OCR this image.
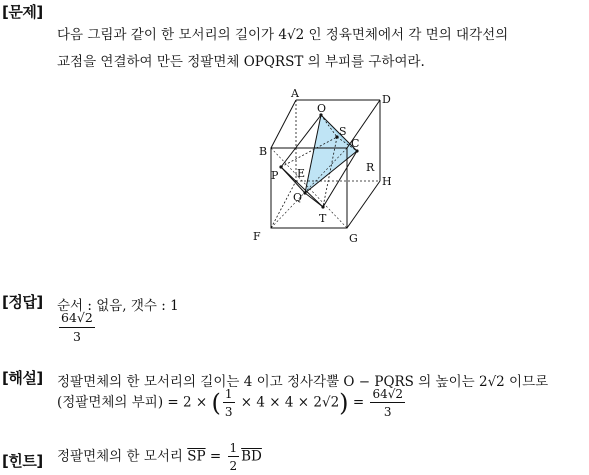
[문제]
다음 그림과 같이 한 모서리의 길이가 4√2 인 정육면체에서 각 면의 대각선의
교점을 연결하여 만든 정팔면체 OPQRST 의 부피를 구하여라.
A	D
O
S
B
C
P E	R
H
Q
T
F	G
[정답] 순서 : 없음, 갯수 : 1
$\frac{64√2}{3}$
[해설] 정팔면체의 한 모서리의 길이는 4 이고 정사각뿔 O − PQRS 의 높이는 2√2 이므로
(정팔면체의 부피) = 2 × ( $\frac{1}{3} \times 4 \times 4 \times 2√2) = \frac{64√2}{3}$
[힌트] 정팔면체의 한 모서리 $\overline{SP} = \frac{1}{2} \overline{BD}$
